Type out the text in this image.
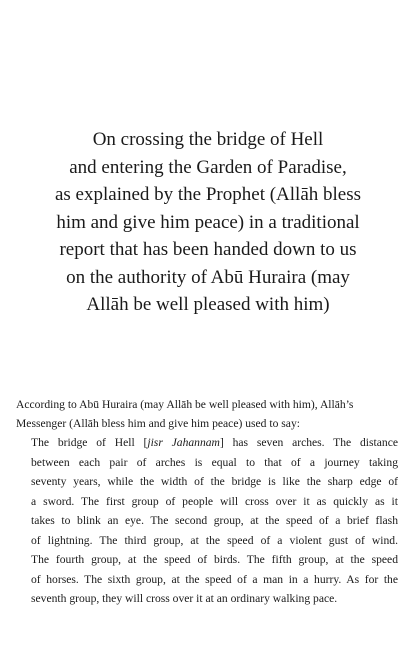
On crossing the bridge of Hell
and entering the Garden of Paradise,
as explained by the Prophet (Allāh bless
him and give him peace) in a traditional
report that has been handed down to us
on the authority of Abū Huraira (may
Allāh be well pleased with him)
According to Abū Huraira (may Allāh be well pleased with him), Allāh’s
Messenger (Allāh bless him and give him peace) used to say:
The bridge of Hell [jisr Jahannam] has seven arches. The distance
between each pair of arches is equal to that of a journey taking
seventy years, while the width of the bridge is like the sharp edge of
a sword. The first group of people will cross over it as quickly as it
takes to blink an eye. The second group, at the speed of a brief flash
of lightning. The third group, at the speed of a violent gust of wind.
The fourth group, at the speed of birds. The fifth group, at the speed
of horses. The sixth group, at the speed of a man in a hurry. As for the
seventh group, they will cross over it at an ordinary walking pace.
